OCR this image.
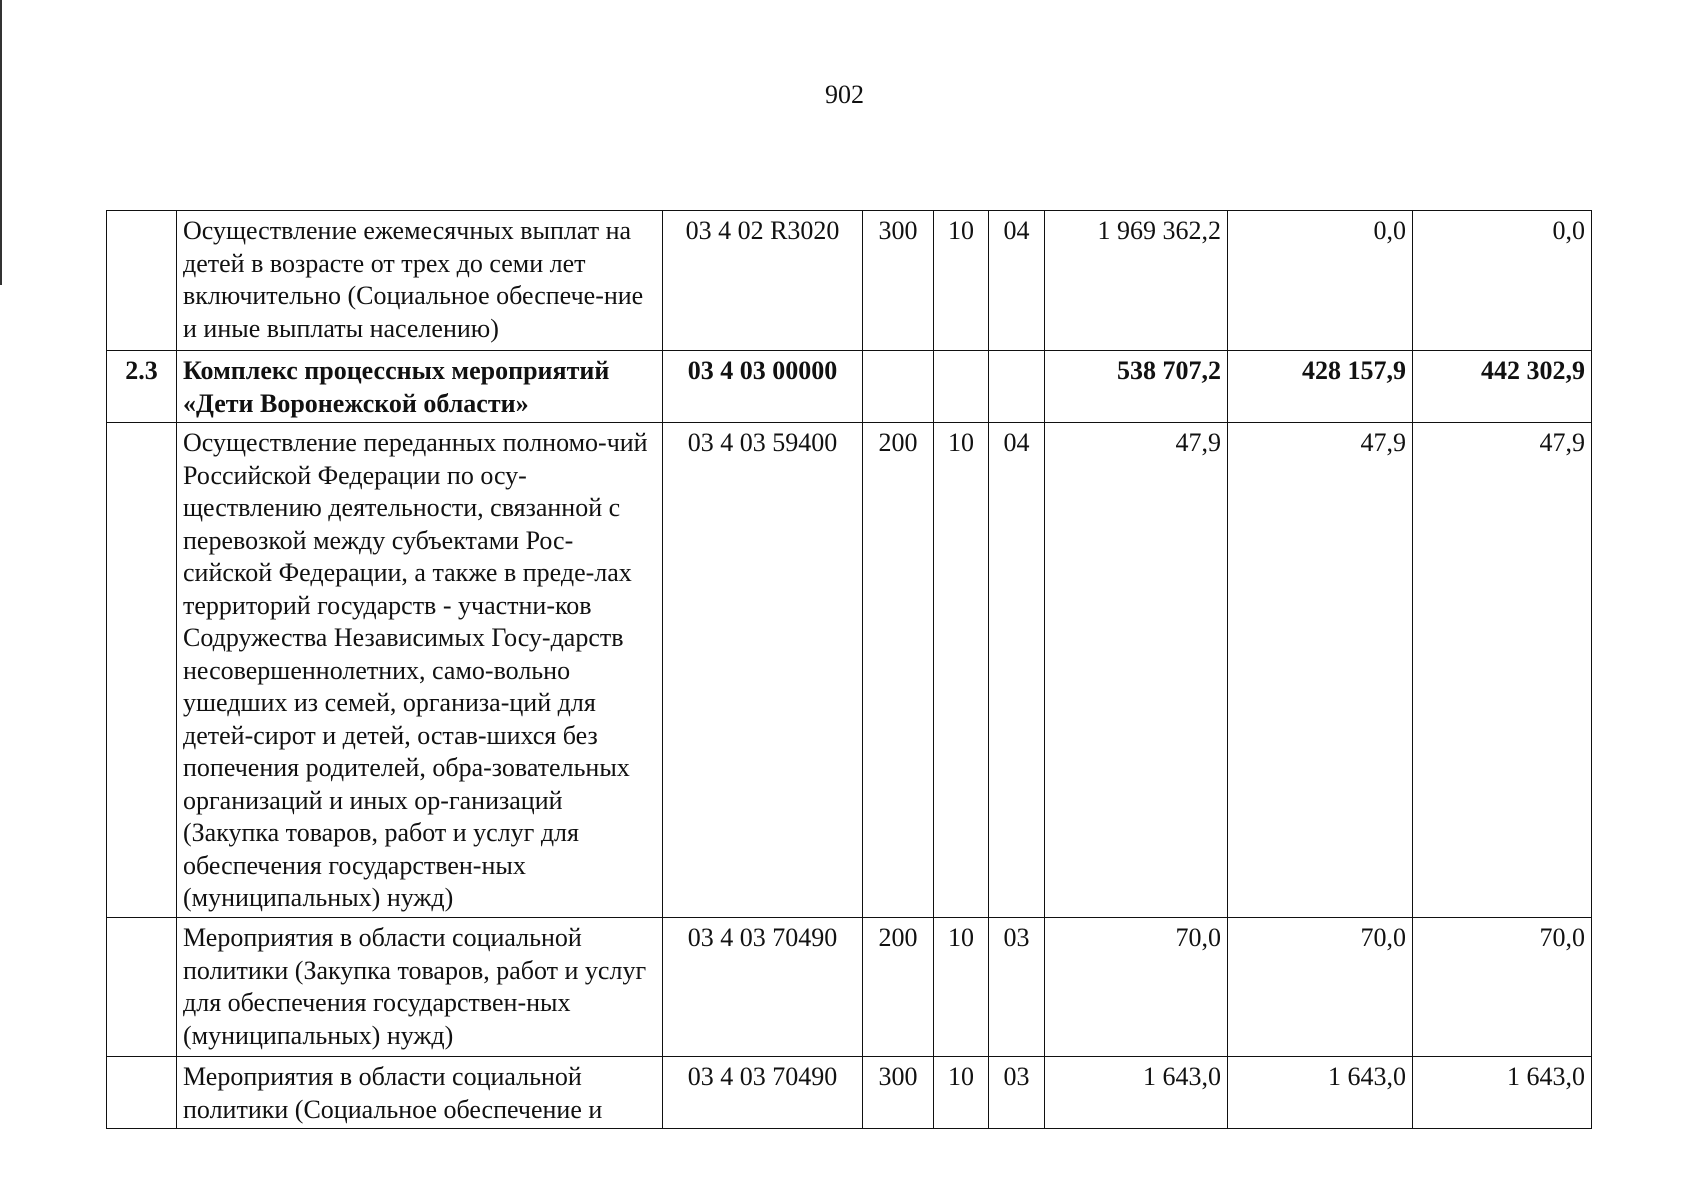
902
	Осуществление ежемесячных выплат на детей в возрасте от трех до семи лет включительно (Социальное обеспече-ние и иные выплаты населению)	03 4 02 R3020	300	10	04	1 969 362,2	0,0	0,0
2.3	Комплекс процессных мероприятий «Дети Воронежской области»	03 4 03 00000				538 707,2	428 157,9	442 302,9
	Осуществление переданных полномо-чий Российской Федерации по осу-ществлению деятельности, связанной с перевозкой между субъектами Рос-сийской Федерации, а также в преде-лах территорий государств - участни-ков Содружества Независимых Госу-дарств несовершеннолетних, само-вольно ушедших из семей, организа-ций для детей-сирот и детей, остав-шихся без попечения родителей, обра-зовательных организаций и иных ор-ганизаций (Закупка товаров, работ и услуг для обеспечения государствен-ных (муниципальных) нужд)	03 4 03 59400	200	10	04	47,9	47,9	47,9
	Мероприятия в области социальной политики (Закупка товаров, работ и услуг для обеспечения государствен-ных (муниципальных) нужд)	03 4 03 70490	200	10	03	70,0	70,0	70,0
	Мероприятия в области социальной политики (Социальное обеспечение и	03 4 03 70490	300	10	03	1 643,0	1 643,0	1 643,0
